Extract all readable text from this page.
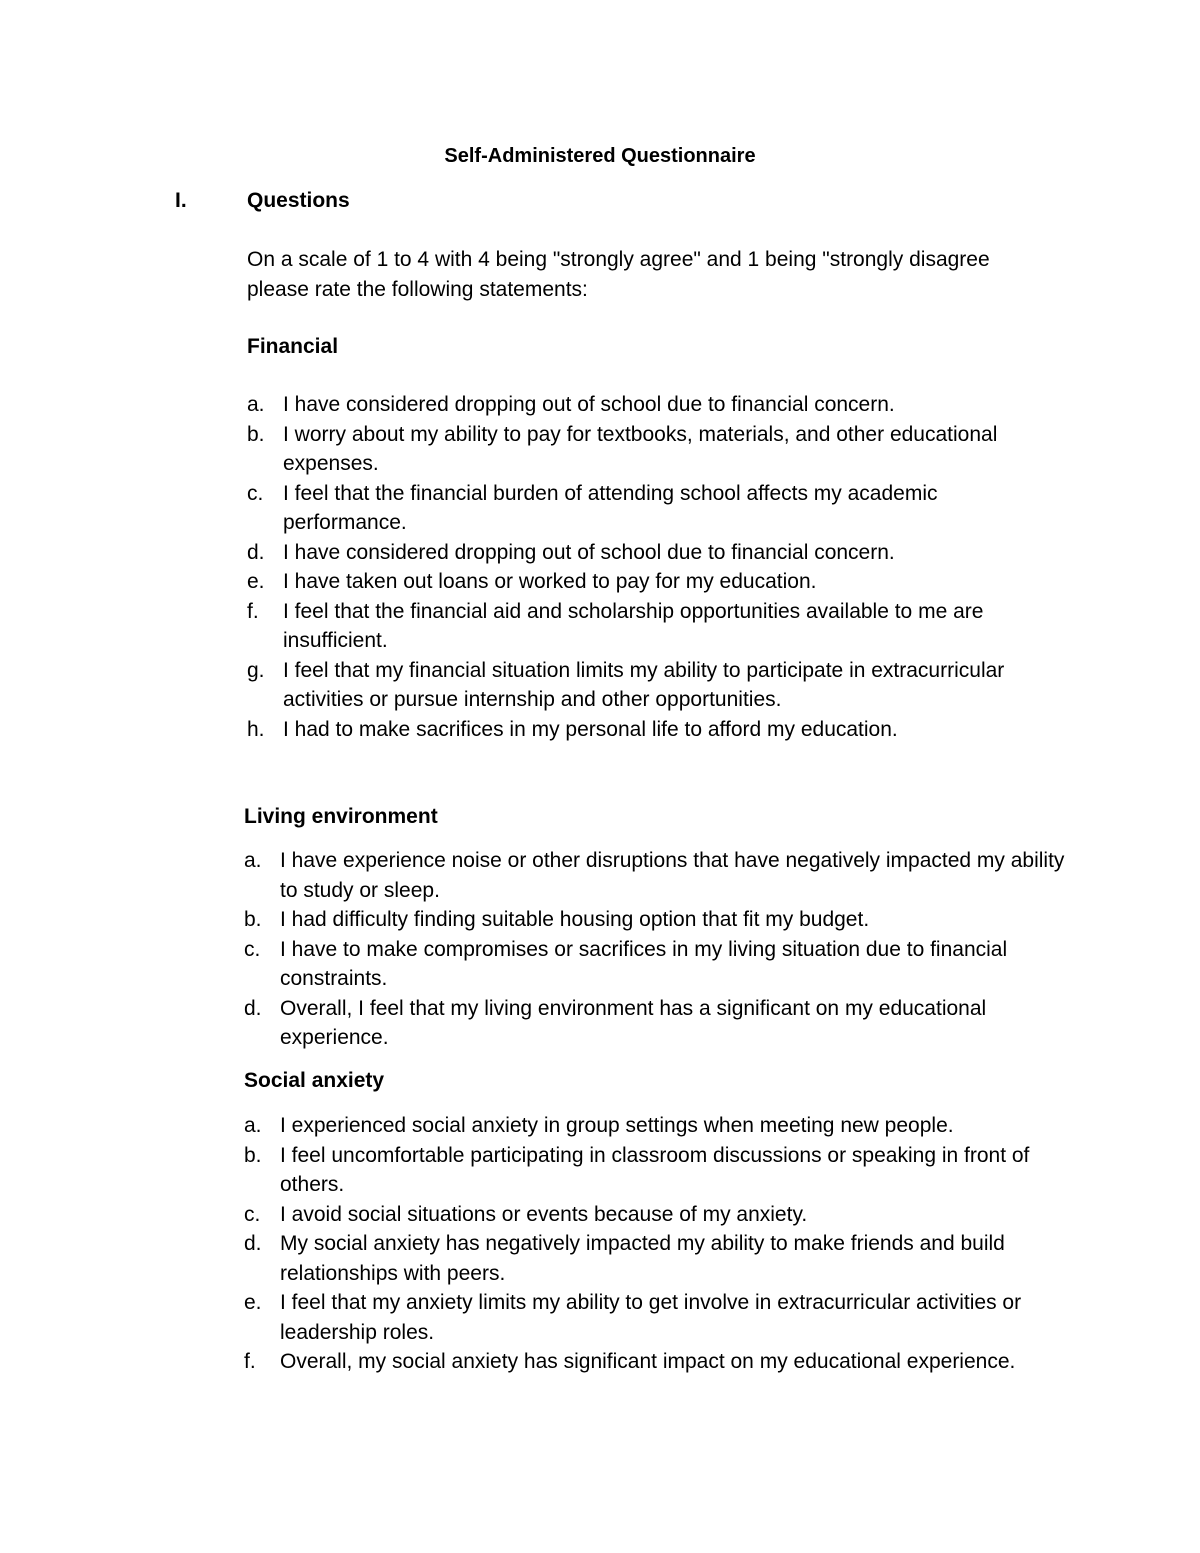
Self-Administered Questionnaire
I.	Questions
On a scale of 1 to 4 with 4 being "strongly agree" and 1 being "strongly disagree please rate the following statements:
Financial
a. I have considered dropping out of school due to financial concern.
b. I worry about my ability to pay for textbooks, materials, and other educational expenses.
c. I feel that the financial burden of attending school affects my academic performance.
d. I have considered dropping out of school due to financial concern.
e. I have taken out loans or worked to pay for my education.
f. I feel that the financial aid and scholarship opportunities available to me are insufficient.
g. I feel that my financial situation limits my ability to participate in extracurricular activities or pursue internship and other opportunities.
h. I had to make sacrifices in my personal life to afford my education.
Living environment
a. I have experience noise or other disruptions that have negatively impacted my ability to study or sleep.
b. I had difficulty finding suitable housing option that fit my budget.
c. I have to make compromises or sacrifices in my living situation due to financial constraints.
d. Overall, I feel that my living environment has a significant on my educational experience.
Social anxiety
a. I experienced social anxiety in group settings when meeting new people.
b. I feel uncomfortable participating in classroom discussions or speaking in front of others.
c. I avoid social situations or events because of my anxiety.
d. My social anxiety has negatively impacted my ability to make friends and build relationships with peers.
e. I feel that my anxiety limits my ability to get involve in extracurricular activities or leadership roles.
f. Overall, my social anxiety has significant impact on my educational experience.
